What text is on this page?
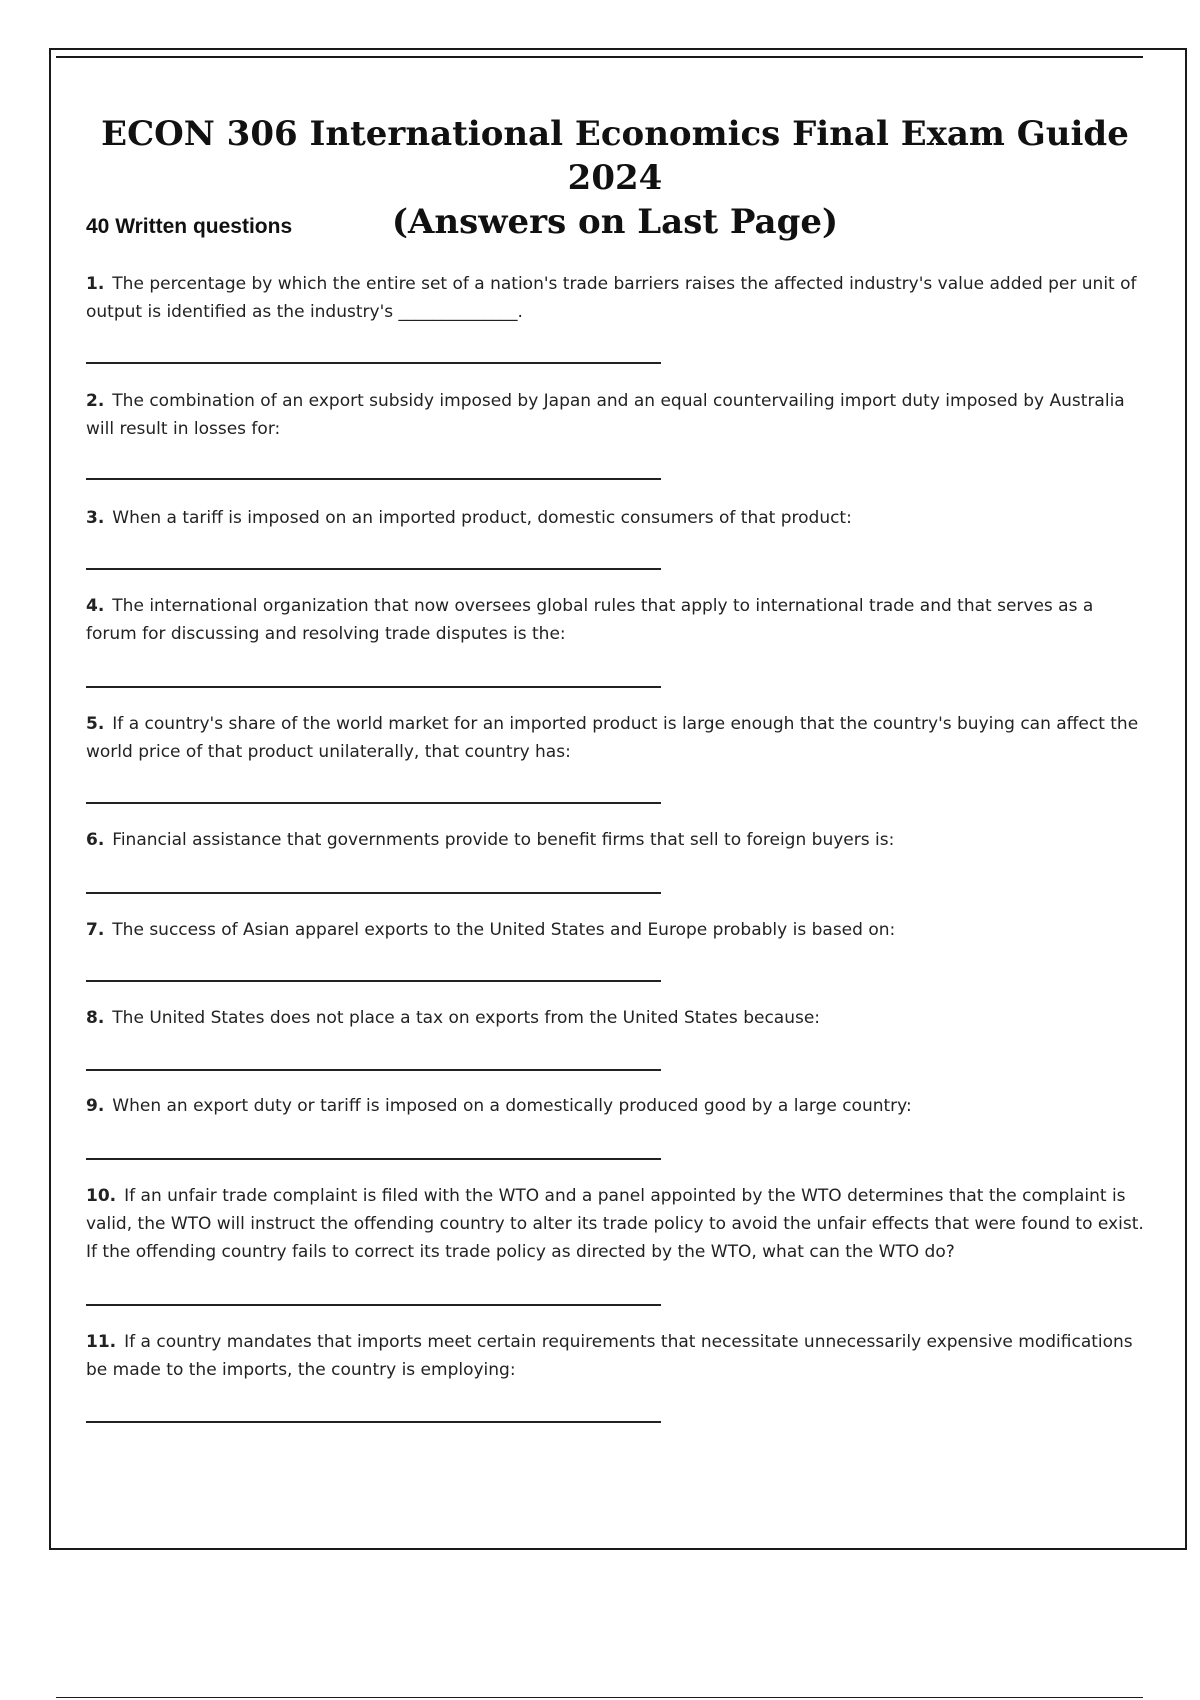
ECON 306 International Economics Final Exam Guide 2024
(Answers on Last Page)
40 Written questions

1. The percentage by which the entire set of a nation's trade barriers raises the affected industry's value added per unit of output is identified as the industry's ______________.

2. The combination of an export subsidy imposed by Japan and an equal countervailing import duty imposed by Australia will result in losses for:

3. When a tariff is imposed on an imported product, domestic consumers of that product:

4. The international organization that now oversees global rules that apply to international trade and that serves as a forum for discussing and resolving trade disputes is the:

5. If a country's share of the world market for an imported product is large enough that the country's buying can affect the world price of that product unilaterally, that country has:

6. Financial assistance that governments provide to benefit firms that sell to foreign buyers is:

7. The success of Asian apparel exports to the United States and Europe probably is based on:

8. The United States does not place a tax on exports from the United States because:

9. When an export duty or tariff is imposed on a domestically produced good by a large country:

10. If an unfair trade complaint is filed with the WTO and a panel appointed by the WTO determines that the complaint is valid, the WTO will instruct the offending country to alter its trade policy to avoid the unfair effects that were found to exist. If the offending country fails to correct its trade policy as directed by the WTO, what can the WTO do?

11. If a country mandates that imports meet certain requirements that necessitate unnecessarily expensive modifications be made to the imports, the country is employing:
